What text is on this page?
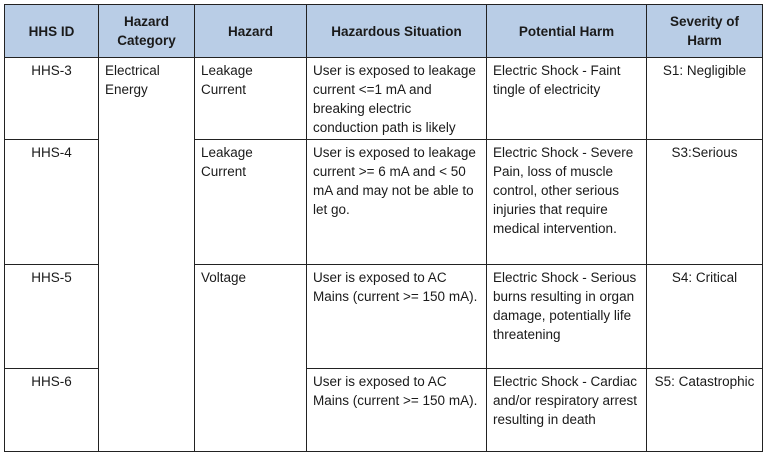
HHS ID	Hazard Category	Hazard	Hazardous Situation	Potential Harm	Severity of Harm
HHS-3	Electrical Energy	Leakage Current	User is exposed to leakage current <=1 mA and breaking electric conduction path is likely	Electric Shock - Faint tingle of electricity	S1: Negligible
HHS-4		Leakage Current	User is exposed to leakage current >= 6 mA and < 50 mA and may not be able to let go.	Electric Shock - Severe Pain, loss of muscle control, other serious injuries that require medical intervention.	S3:Serious
HHS-5		Voltage	User is exposed to AC Mains (current >= 150 mA).	Electric Shock - Serious burns resulting in organ damage, potentially life threatening	S4: Critical
HHS-6			User is exposed to AC Mains (current >= 150 mA).	Electric Shock - Cardiac and/or respiratory arrest resulting in death	S5: Catastrophic
